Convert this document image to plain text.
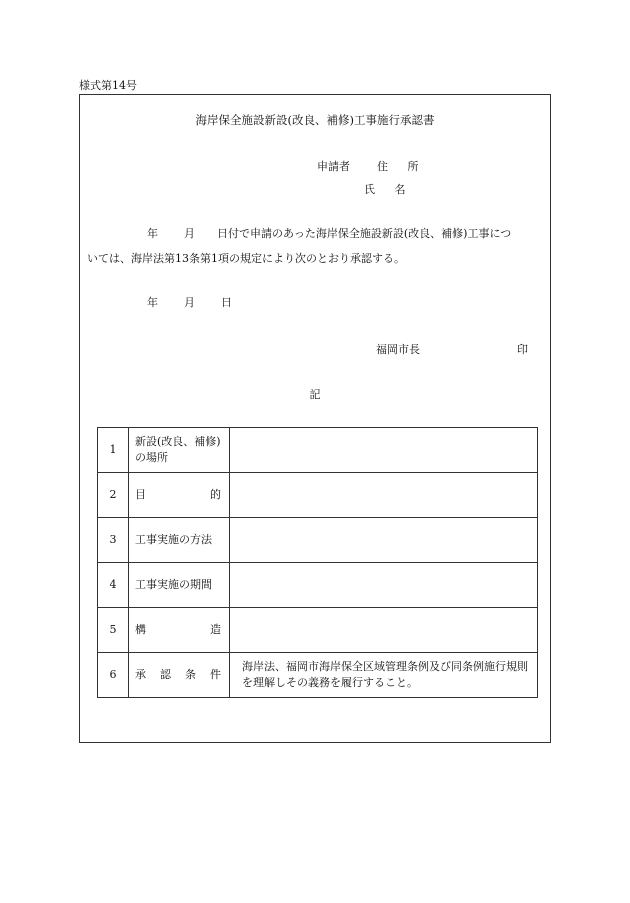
様式第14号
海岸保全施設新設(改良、補修)工事施行承認書
申請者 住 所
氏 名
年 月 日付で申請のあった海岸保全施設新設(改良、補修)工事につ
いては、海岸法第13条第1項の規定により次のとおり承認する。
年 月 日
福岡市長	印
記
1	新設(改良、補修)の場所	
2	目 的	

3	工事実施の方法	
4	工事実施の期間	
5	構 造	

6	承 認 条 件	海岸法、福岡市海岸保全区域管理条例及び同条例施行規則を理解しその義務を履行すること。
